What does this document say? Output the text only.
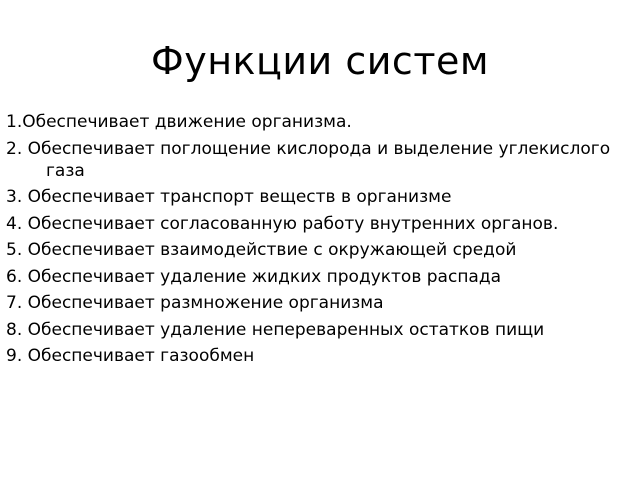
Функции систем
1.Обеспечивает движение организма.
2. Обеспечивает поглощение кислорода и выделение углекислого газа
3. Обеспечивает транспорт веществ в организме
4. Обеспечивает согласованную работу внутренних органов.
5. Обеспечивает взаимодействие с окружающей средой
6. Обеспечивает удаление жидких продуктов распада
7. Обеспечивает размножение организма
8. Обеспечивает удаление непереваренных остатков пищи
9. Обеспечивает газообмен
